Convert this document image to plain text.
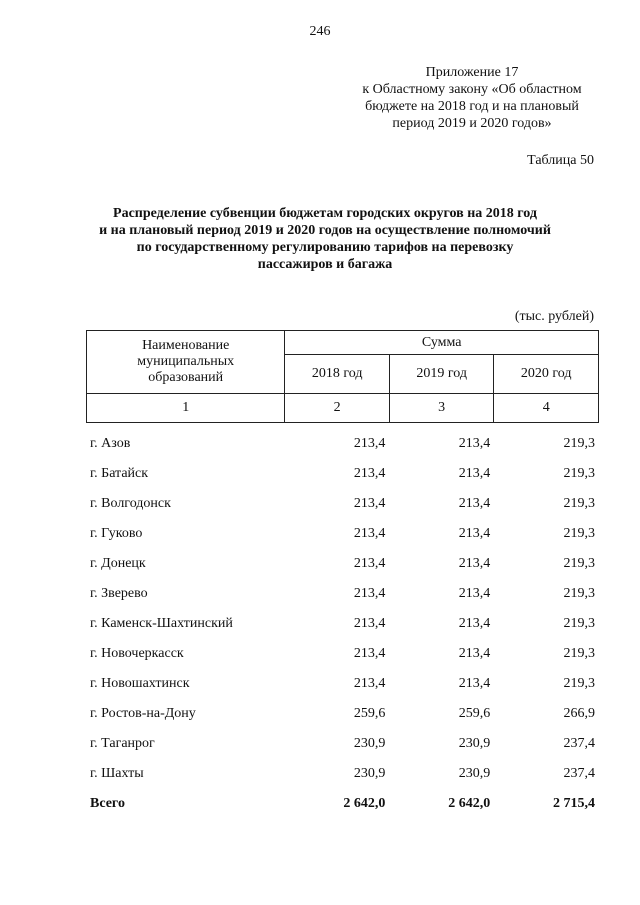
246
Приложение 17
к Областному закону «Об областном
бюджете на 2018 год и на плановый
период 2019 и 2020 годов»
Таблица 50
Распределение субвенции бюджетам городских округов на 2018 год
и на плановый период 2019 и 2020 годов на осуществление полномочий
по государственному регулированию тарифов на перевозку
пассажиров и багажа
(тыс. рублей)
Наименование
муниципальных
образований	Сумма		
	2018 год	2019 год	2020 год
1	2	3	4
г. Азов	213,4	213,4	219,3
г. Батайск	213,4	213,4	219,3
г. Волгодонск	213,4	213,4	219,3
г. Гуково	213,4	213,4	219,3
г. Донецк	213,4	213,4	219,3
г. Зверево	213,4	213,4	219,3
г. Каменск-Шахтинский	213,4	213,4	219,3
г. Новочеркасск	213,4	213,4	219,3
г. Новошахтинск	213,4	213,4	219,3
г. Ростов-на-Дону	259,6	259,6	266,9
г. Таганрог	230,9	230,9	237,4
г. Шахты	230,9	230,9	237,4
Всего	2 642,0	2 642,0	2 715,4
